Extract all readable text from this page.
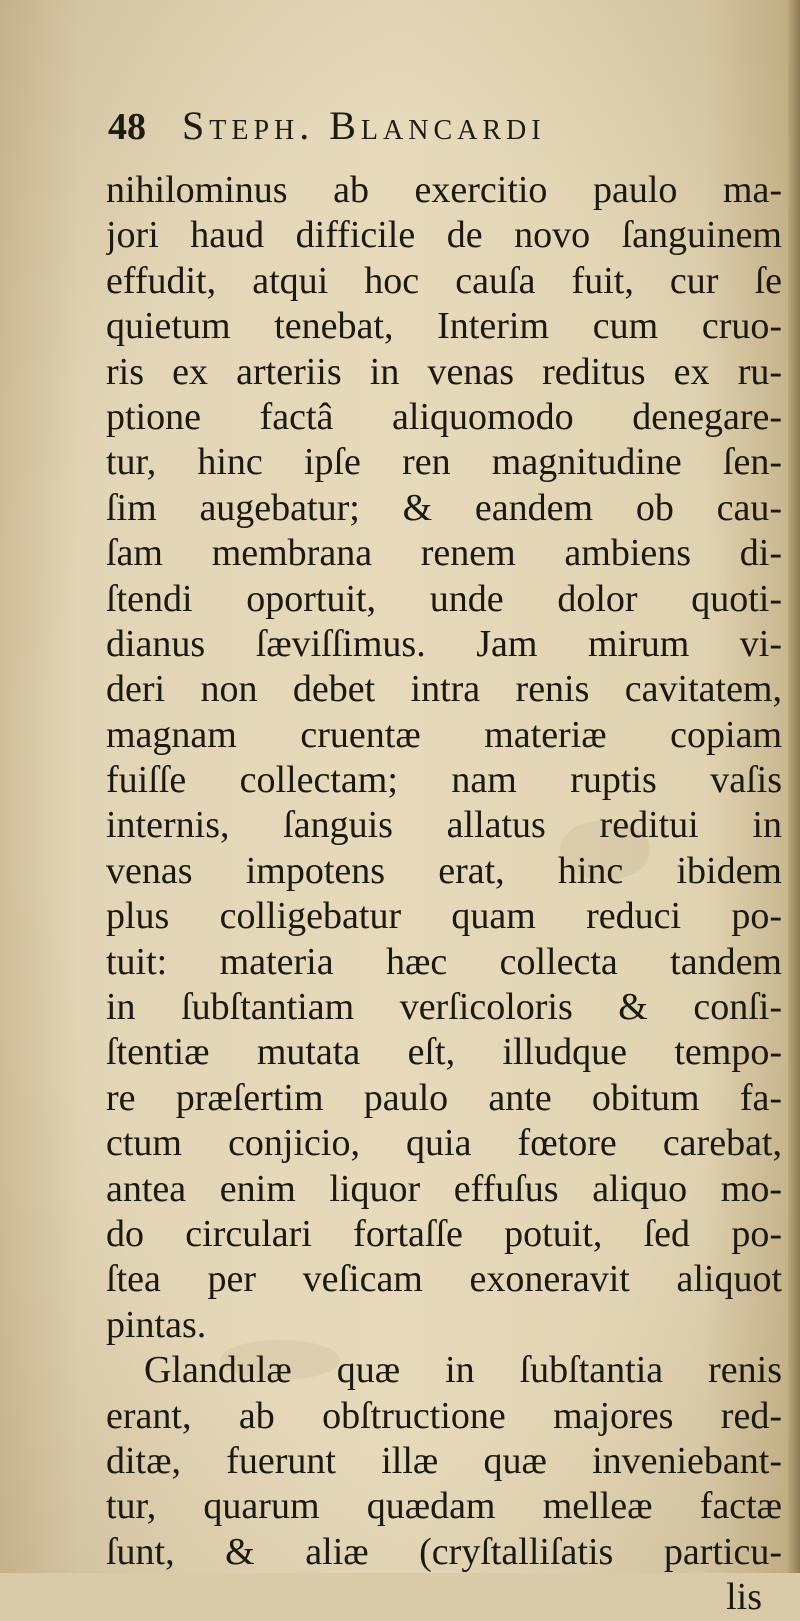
48 Steph. Blancardi
nihilominus ab exercitio paulo ma-
jori haud difficile de novo ſanguinem
effudit, atqui hoc cauſa fuit, cur ſe
quietum tenebat, Interim cum cruo-
ris ex arteriis in venas reditus ex ru-
ptione factâ aliquomodo denegare-
tur, hinc ipſe ren magnitudine ſen-
ſim augebatur; & eandem ob cau-
ſam membrana renem ambiens di-
ſtendi oportuit, unde dolor quoti-
dianus ſæviſſimus. Jam mirum vi-
deri non debet intra renis cavitatem,
magnam cruentæ materiæ copiam
fuiſſe collectam; nam ruptis vaſis
internis, ſanguis allatus reditui in
venas impotens erat, hinc ibidem
plus colligebatur quam reduci po-
tuit: materia hæc collecta tandem
in ſubſtantiam verſicoloris & conſi-
ſtentiæ mutata eſt, illudque tempo-
re præſertim paulo ante obitum fa-
ctum conjicio, quia fœtore carebat,
antea enim liquor effuſus aliquo mo-
do circulari fortaſſe potuit, ſed po-
ſtea per veſicam exoneravit aliquot
pintas.
Glandulæ quæ in ſubſtantia renis
erant, ab obſtructione majores red-
ditæ, fuerunt illæ quæ inveniebant-
tur, quarum quædam melleæ factæ
ſunt, & aliæ (cryſtalliſatis particu-
lis
